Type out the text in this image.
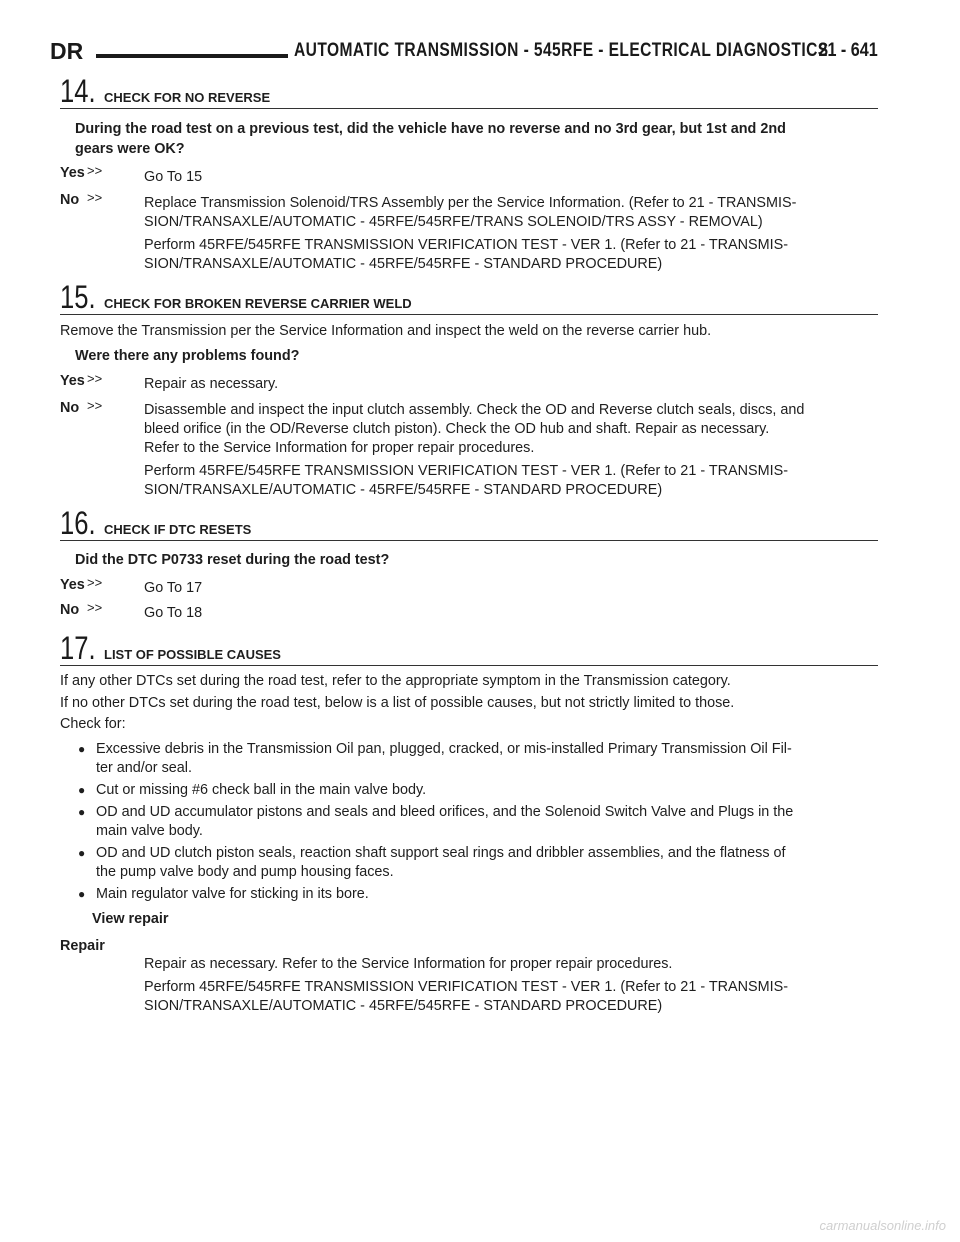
DR	AUTOMATIC TRANSMISSION - 545RFE - ELECTRICAL DIAGNOSTICS
21 - 641
14. CHECK FOR NO REVERSE
During the road test on a previous test, did the vehicle have no reverse and no 3rd gear, but 1st and 2nd
gears were OK?
Yes >>	Go To 15
No >>	Replace Transmission Solenoid/TRS Assembly per the Service Information. (Refer to 21 - TRANSMIS-
SION/TRANSAXLE/AUTOMATIC - 45RFE/545RFE/TRANS SOLENOID/TRS ASSY - REMOVAL)
Perform 45RFE/545RFE TRANSMISSION VERIFICATION TEST - VER 1. (Refer to 21 - TRANSMIS-
SION/TRANSAXLE/AUTOMATIC - 45RFE/545RFE - STANDARD PROCEDURE)
15. CHECK FOR BROKEN REVERSE CARRIER WELD
Remove the Transmission per the Service Information and inspect the weld on the reverse carrier hub.
Were there any problems found?
Yes >>	Repair as necessary.
No >>	Disassemble and inspect the input clutch assembly. Check the OD and Reverse clutch seals, discs, and
bleed orifice (in the OD/Reverse clutch piston). Check the OD hub and shaft. Repair as necessary.
Refer to the Service Information for proper repair procedures.
Perform 45RFE/545RFE TRANSMISSION VERIFICATION TEST - VER 1. (Refer to 21 - TRANSMIS-
SION/TRANSAXLE/AUTOMATIC - 45RFE/545RFE - STANDARD PROCEDURE)
16. CHECK IF DTC RESETS
Did the DTC P0733 reset during the road test?
Yes >>	Go To 17
No >>	Go To 18
17. LIST OF POSSIBLE CAUSES
If any other DTCs set during the road test, refer to the appropriate symptom in the Transmission category.
If no other DTCs set during the road test, below is a list of possible causes, but not strictly limited to those.
Check for:
● Excessive debris in the Transmission Oil pan, plugged, cracked, or mis-installed Primary Transmission Oil Fil-
ter and/or seal.
● Cut or missing #6 check ball in the main valve body.
● OD and UD accumulator pistons and seals and bleed orifices, and the Solenoid Switch Valve and Plugs in the
main valve body.
● OD and UD clutch piston seals, reaction shaft support seal rings and dribbler assemblies, and the flatness of
the pump valve body and pump housing faces.
● Main regulator valve for sticking in its bore.
View repair
Repair
Repair as necessary. Refer to the Service Information for proper repair procedures.
Perform 45RFE/545RFE TRANSMISSION VERIFICATION TEST - VER 1. (Refer to 21 - TRANSMIS-
SION/TRANSAXLE/AUTOMATIC - 45RFE/545RFE - STANDARD PROCEDURE)
carmanualsonline.info
